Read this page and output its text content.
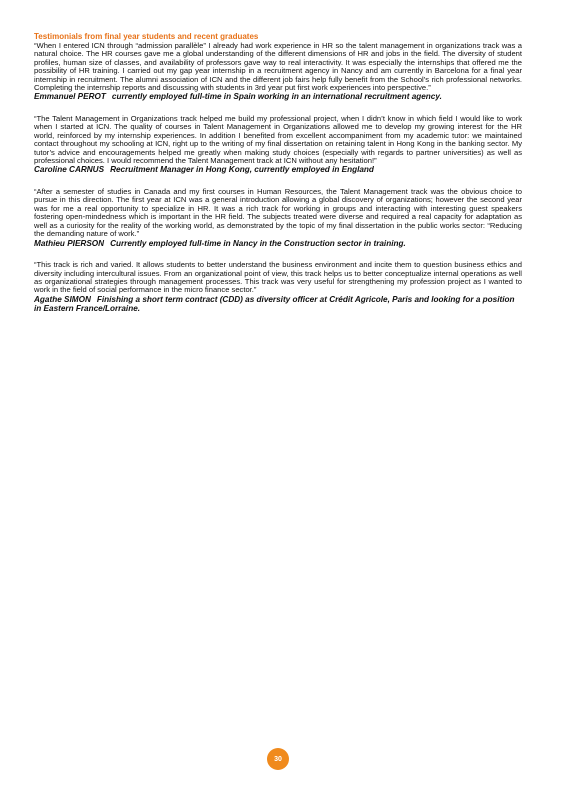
Testimonials from final year students and recent graduates

“When I entered ICN through “admission parallèle” I already had work experience in HR so the talent management in organizations track was a natural choice. The HR courses gave me a global understanding of the different dimensions of HR and jobs in the field. The diversity of student profiles, human size of classes, and availability of professors gave way to real interactivity. It was especially the internships that offered me the possibility of HR training. I carried out my gap year internship in a recruitment agency in Nancy and am currently in Barcelona for a final year internship in recruitment. The alumni association of ICN and the different job fairs help fully benefit from the School’s rich professional networks. Completing the internship reports and discussing with students in 3rd year put first work experiences into perspective.”

Emmanuel PEROT currently employed full-time in Spain working in an international recruitment agency.

“The Talent Management in Organizations track helped me build my professional project, when I didn’t know in which field I would like to work when I started at ICN. The quality of courses in Talent Management in Organizations allowed me to develop my growing interest for the HR world, reinforced by my internship experiences. In addition I benefited from excellent accompaniment from my academic tutor: we maintained contact throughout my schooling at ICN, right up to the writing of my final dissertation on retaining talent in Hong Kong in the banking sector. My tutor’s advice and encouragements helped me greatly when making study choices (especially with regards to partner universities) as well as professional choices. I would recommend the Talent Management track at ICN without any hesitation!”

Caroline CARNUS Recruitment Manager in Hong Kong, currently employed in England

“After a semester of studies in Canada and my first courses in Human Resources, the Talent Management track was the obvious choice to pursue in this direction. The first year at ICN was a general introduction allowing a global discovery of organizations; however the second year was for me a real opportunity to specialize in HR. It was a rich track for working in groups and interacting with interesting guest speakers fostering open-mindedness which is important in the HR field. The subjects treated were diverse and required a real capacity for adaptation as well as a curiosity for the reality of the working world, as demonstrated by the topic of my final dissertation in the public works sector: “Reducing the demanding nature of work.”

Mathieu PIERSON Currently employed full-time in Nancy in the Construction sector in training.

“This track is rich and varied. It allows students to better understand the business environment and incite them to question business ethics and diversity including intercultural issues. From an organizational point of view, this track helps us to better conceptualize internal operations as well as organizational strategies through management processes. This track was very useful for strengthening my profession project as I wanted to work in the field of social performance in the micro finance sector.”

Agathe SIMON Finishing a short term contract (CDD) as diversity officer at Crédit Agricole, Paris and looking for a position in Eastern France/Lorraine.

30
